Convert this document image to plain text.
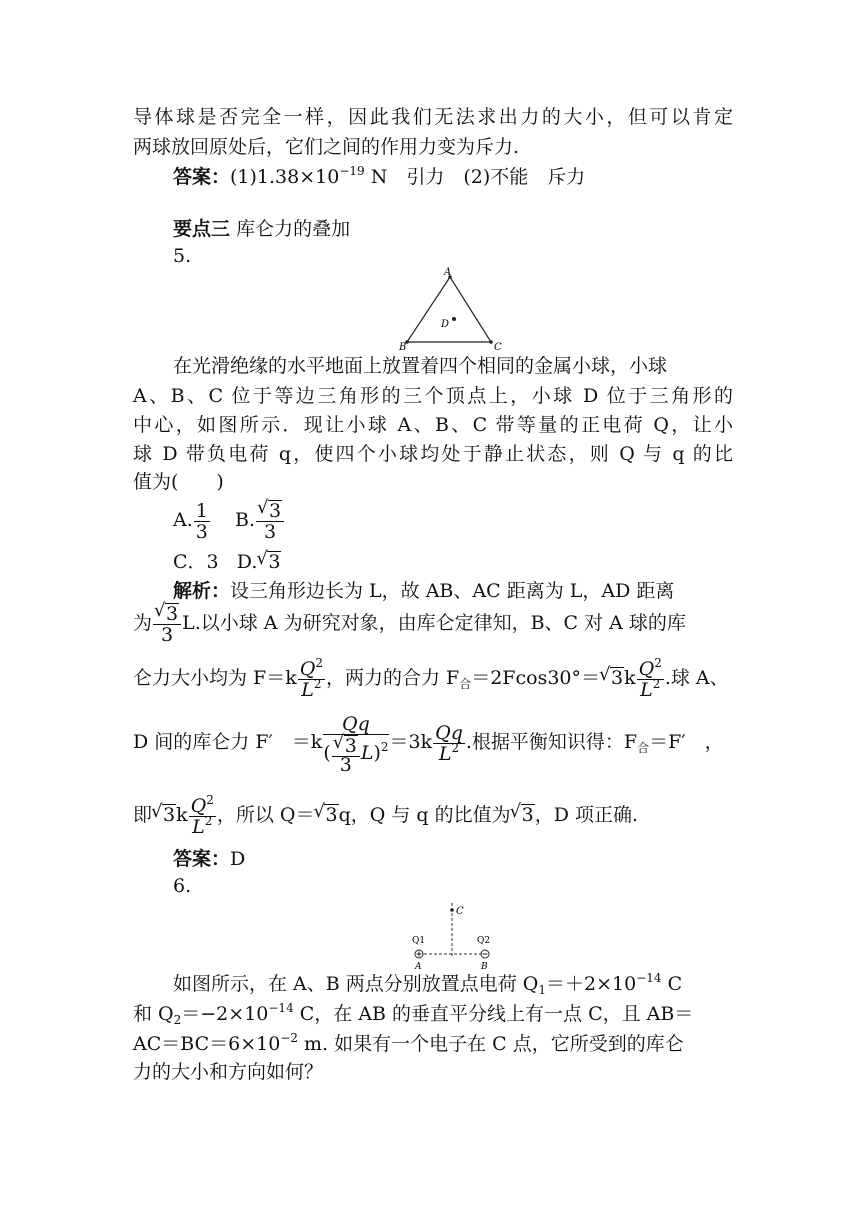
导体球是否完全一样，因此我们无法求出力的大小，但可以肯定
两球放回原处后，它们之间的作用力变为斥力.
答案：$(1)1.38\times 10^{-19}$ N　引力　(2)不能　斥力
要点三 库仑力的叠加
5.
A
B	C
D
在光滑绝缘的水平地面上放置着四个相同的金属小球，小球
A、B、C 位于等边三角形的三个顶点上，小球 D 位于三角形的
中心，如图所示．现让小球 A、B、C 带等量的正电荷 Q，让小
球 D 带负电荷 q，使四个小球均处于静止状态，则 Q 与 q 的比
值为(　　)
A. $\frac{1}{3} B$.
√ $\frac{3}{3}$
C．3 D.√ 3
解析：设三角形边长为 L，故 AB、AC 距离为 L，AD 距离
为
√ $\frac{3}{3} L$.以小球 A 为研究对象，由库仑定律知，B、C 对 A 球的库
仑力大小均为 $F=k \frac{Q^2}{L^2}$ ，两力的合力 $F_合=2Fcos30^\circ=√$ $3k \frac{Q^2}{L^2}$ .球 A、
D 间的库仑力 F′　＝k Qq
(
√ $\frac{3}{3} L)^2 =3k \frac{Qq}{L^2}$ .根据平衡知识得：$F_合=F'$　，
即√ $3k \frac{Q^2}{L^2}$ ，所以 Q＝√ 3q，Q 与 q 的比值为√ 3，D 项正确.
答案：D
6.
C
Q1	Q2
A	B
如图所示，在 A、B 两点分别放置点电荷 $Q_1=+2\times 10^{-14}$ C
和 $Q_2=-2\times 10^{-14}$ C，在 AB 的垂直平分线上有一点 C，且 AB＝
$AC=BC=6\times 10^{-2}$ m. 如果有一个电子在 C 点，它所受到的库仑
力的大小和方向如何？
